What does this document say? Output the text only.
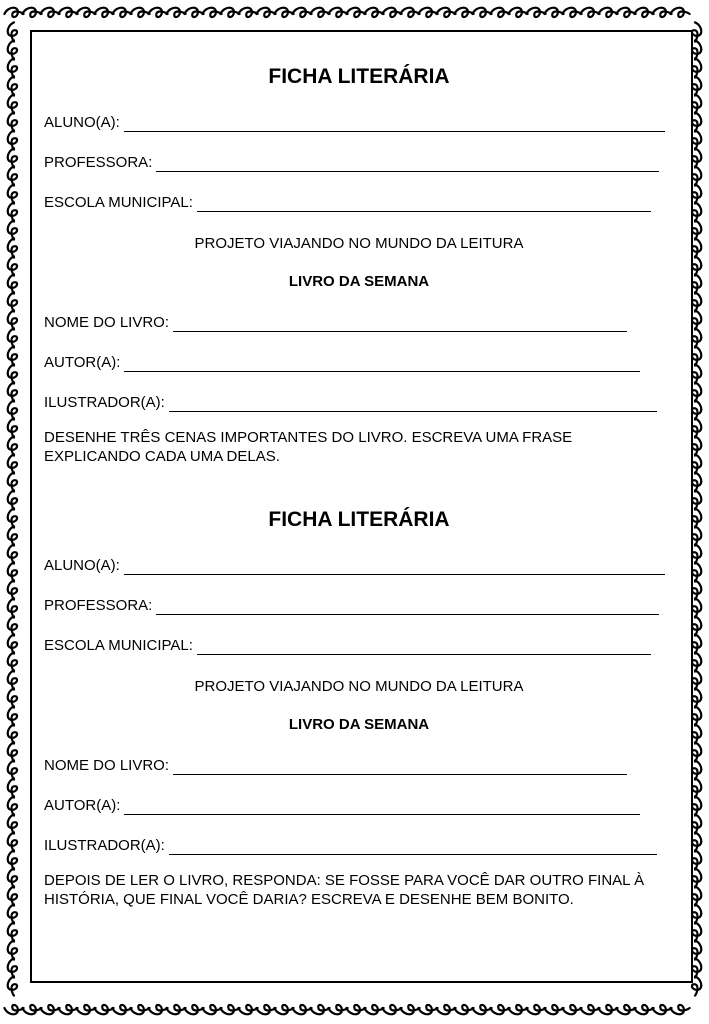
FICHA LITERÁRIA
ALUNO(A):
PROFESSORA:
ESCOLA MUNICIPAL:
PROJETO VIAJANDO NO MUNDO DA LEITURA
LIVRO DA SEMANA
NOME DO LIVRO:
AUTOR(A):
ILUSTRADOR(A):
DESENHE TRÊS CENAS IMPORTANTES DO LIVRO. ESCREVA UMA FRASE EXPLICANDO CADA UMA DELAS.
FICHA LITERÁRIA
ALUNO(A):
PROFESSORA:
ESCOLA MUNICIPAL:
PROJETO VIAJANDO NO MUNDO DA LEITURA
LIVRO DA SEMANA
NOME DO LIVRO:
AUTOR(A):
ILUSTRADOR(A):
DEPOIS DE LER O LIVRO, RESPONDA: SE FOSSE PARA VOCÊ DAR OUTRO FINAL À HISTÓRIA, QUE FINAL VOCÊ DARIA? ESCREVA E DESENHE BEM BONITO.
